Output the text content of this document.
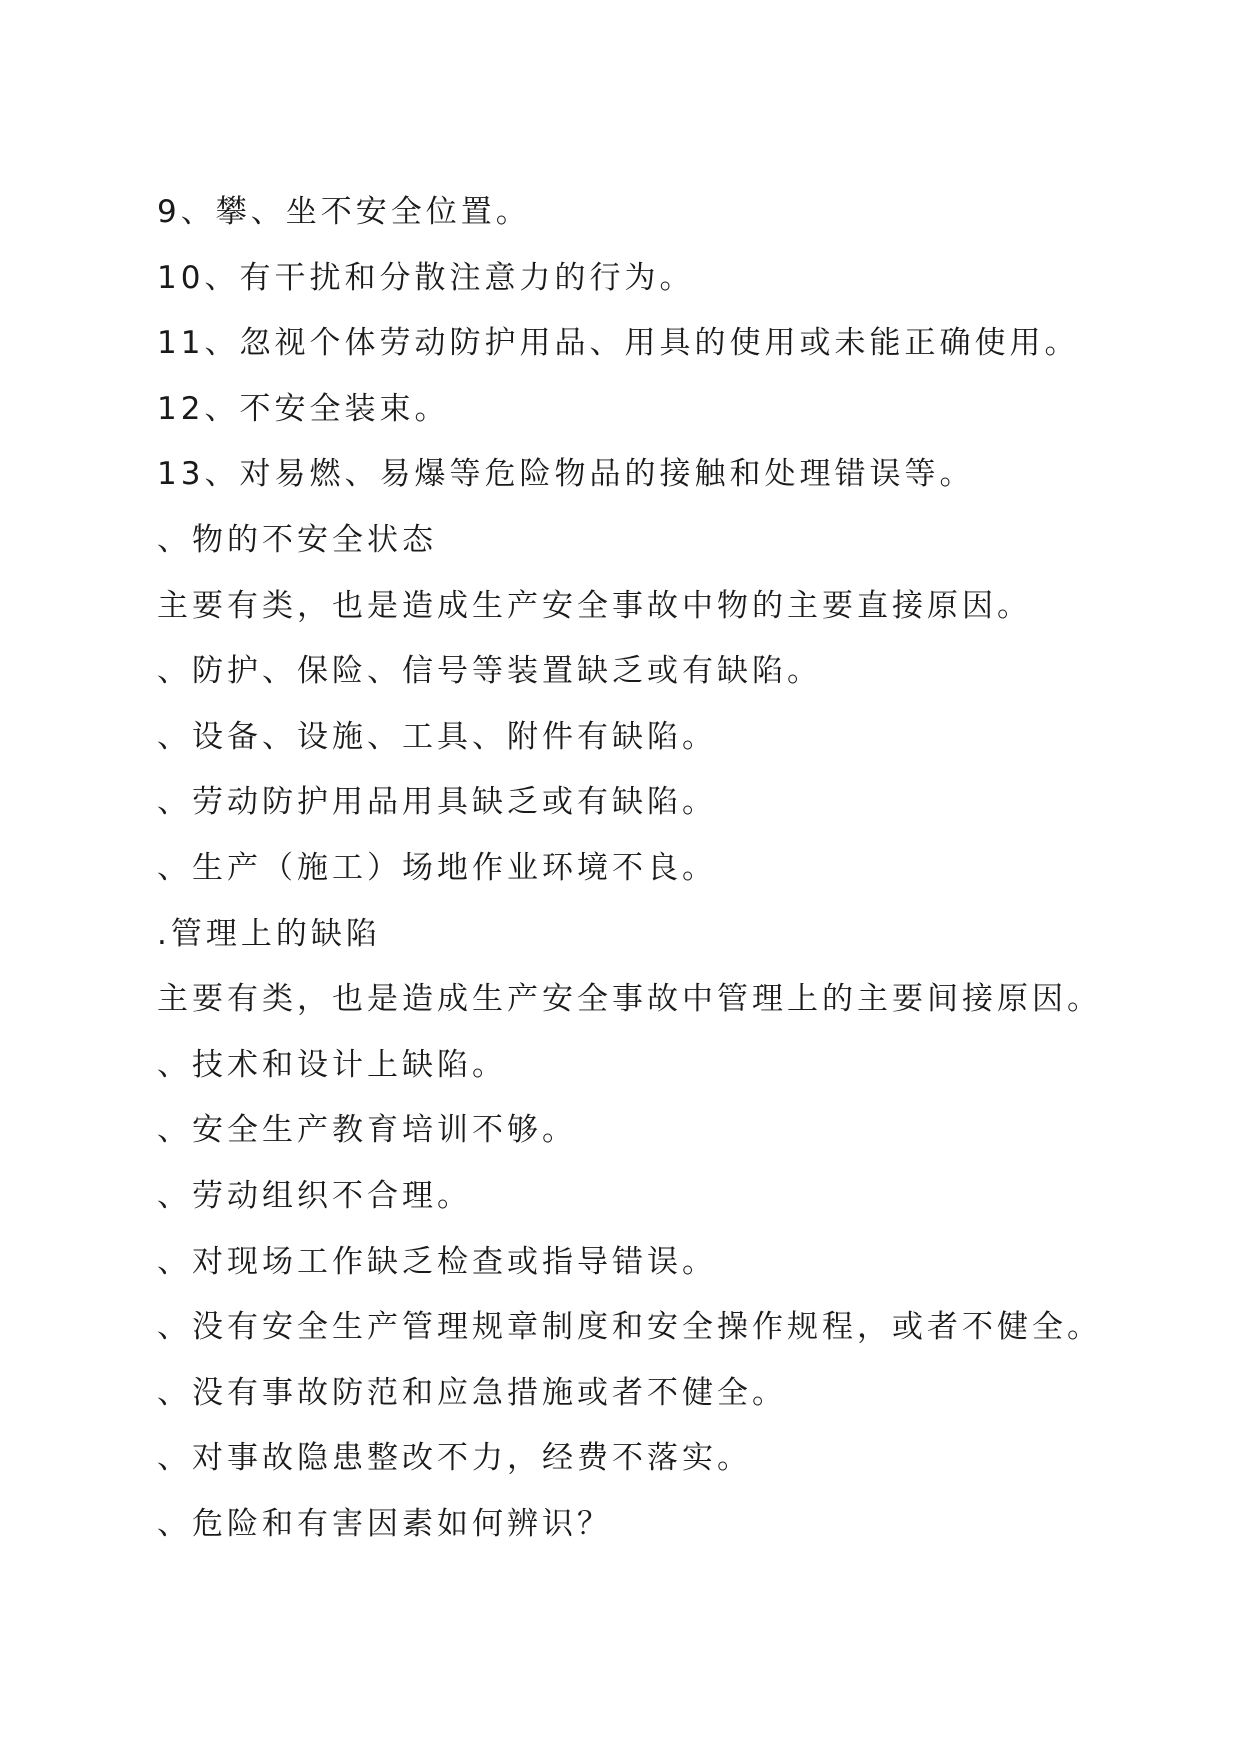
9、攀、坐不安全位置。
10、有干扰和分散注意力的行为。
11、忽视个体劳动防护用品、用具的使用或未能正确使用。
12、不安全装束。
13、对易燃、易爆等危险物品的接触和处理错误等。
、物的不安全状态
主要有类，也是造成生产安全事故中物的主要直接原因。
、防护、保险、信号等装置缺乏或有缺陷。
、设备、设施、工具、附件有缺陷。
、劳动防护用品用具缺乏或有缺陷。
、生产（施工）场地作业环境不良。
.管理上的缺陷
主要有类，也是造成生产安全事故中管理上的主要间接原因。
、技术和设计上缺陷。
、安全生产教育培训不够。
、劳动组织不合理。
、对现场工作缺乏检查或指导错误。
、没有安全生产管理规章制度和安全操作规程，或者不健全。
、没有事故防范和应急措施或者不健全。
、对事故隐患整改不力，经费不落实。
、危险和有害因素如何辨识？
